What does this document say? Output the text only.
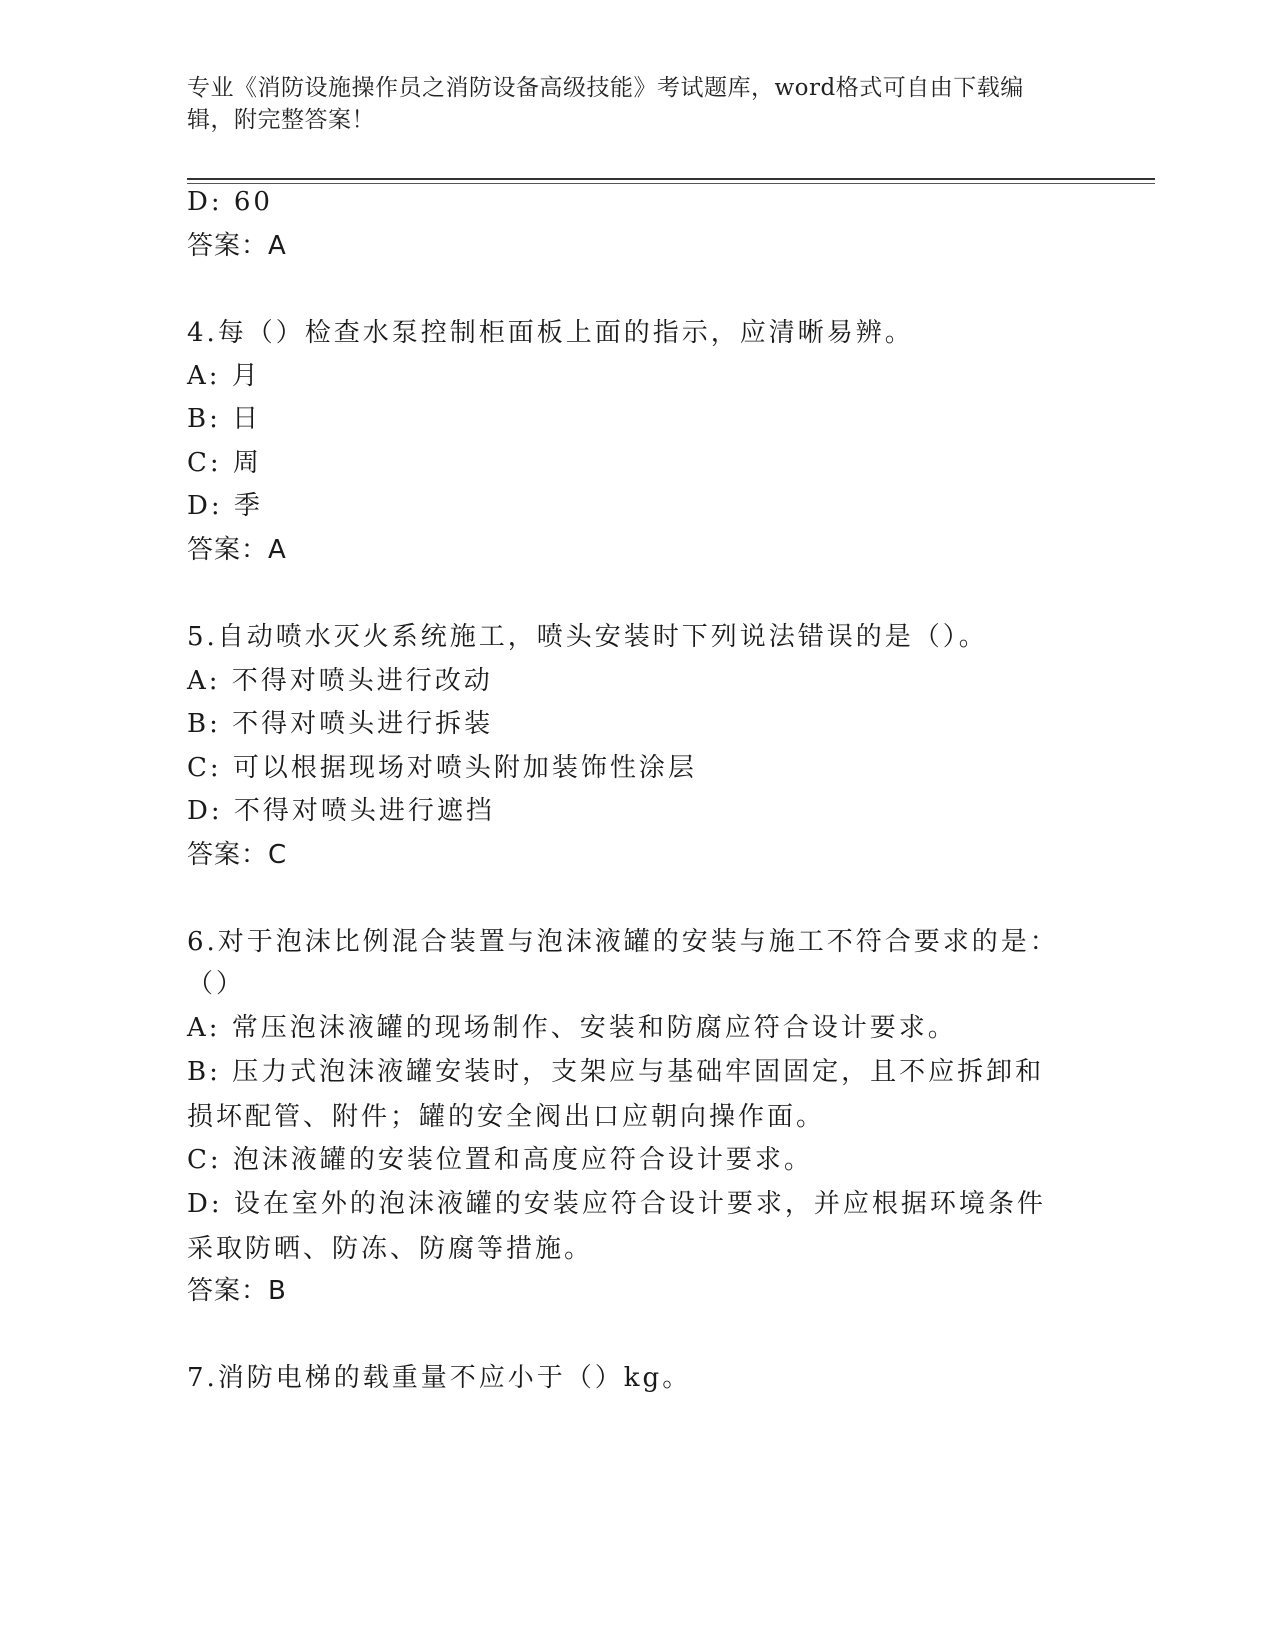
专业《消防设施操作员之消防设备高级技能》考试题库，word格式可自由下载编辑，附完整答案！
D: 60
答案：A
4.每（）检查水泵控制柜面板上面的指示，应清晰易辨。
A: 月
B: 日
C: 周
D: 季
答案：A
5.自动喷水灭火系统施工，喷头安装时下列说法错误的是（）。
A: 不得对喷头进行改动
B: 不得对喷头进行拆装
C: 可以根据现场对喷头附加装饰性涂层
D: 不得对喷头进行遮挡
答案：C
6.对于泡沫比例混合装置与泡沫液罐的安装与施工不符合要求的是：
（）
A: 常压泡沫液罐的现场制作、安装和防腐应符合设计要求。
B: 压力式泡沫液罐安装时，支架应与基础牢固固定，且不应拆卸和损坏配管、附件；罐的安全阀出口应朝向操作面。
C: 泡沫液罐的安装位置和高度应符合设计要求。
D: 设在室外的泡沫液罐的安装应符合设计要求，并应根据环境条件采取防晒、防冻、防腐等措施。
答案：B
7.消防电梯的载重量不应小于（）kg。
